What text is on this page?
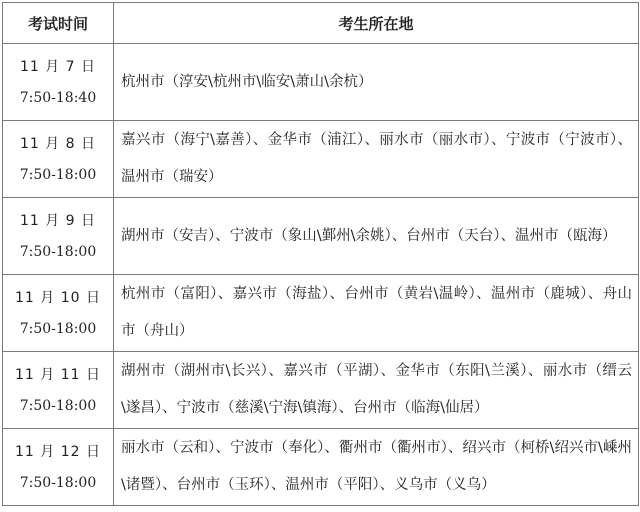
考试时间	考生所在地

11 月 7 日
7:50-18:40	杭州市（淳安\杭州市\临安\萧山\余杭）

11 月 8 日
7:50-18:00	嘉兴市（海宁\嘉善）、金华市（浦江）、丽水市（丽水市）、宁波市（宁波市）、温州市（瑞安）

11 月 9 日
7:50-18:00	湖州市（安吉）、宁波市（象山\鄞州\余姚）、台州市（天台）、温州市（瓯海）

11 月 10 日
7:50-18:00	杭州市（富阳）、嘉兴市（海盐）、台州市（黄岩\温岭）、温州市（鹿城）、舟山市（舟山）

11 月 11 日
7:50-18:00	湖州市（湖州市\长兴）、嘉兴市（平湖）、金华市（东阳\兰溪）、丽水市（缙云\遂昌）、宁波市（慈溪\宁海\镇海）、台州市（临海\仙居）

11 月 12 日
7:50-18:00	丽水市（云和）、宁波市（奉化）、衢州市（衢州市）、绍兴市（柯桥\绍兴市\嵊州\诸暨）、台州市（玉环）、温州市（平阳）、义乌市（义乌）
